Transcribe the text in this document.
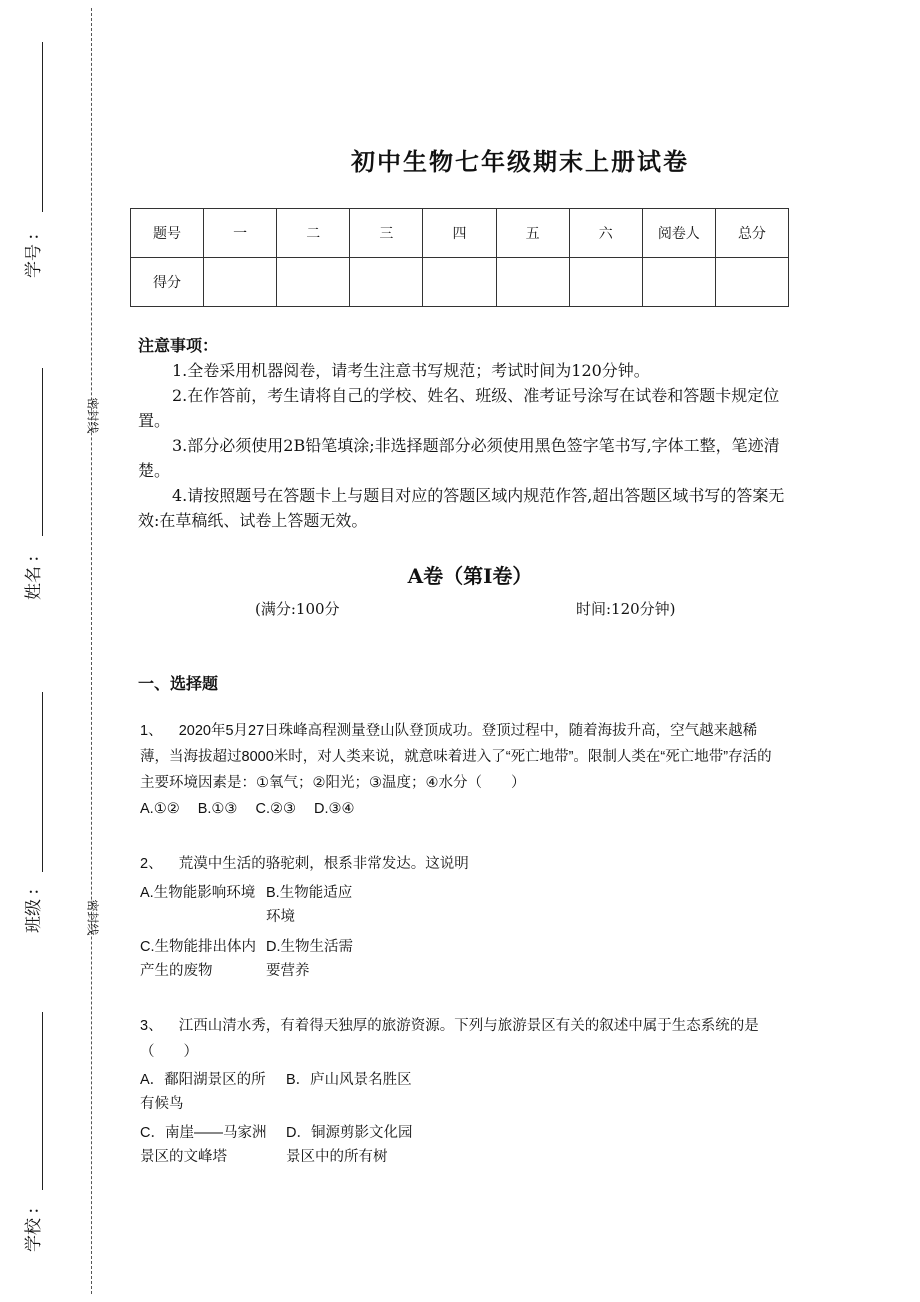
：
学号
：
姓名
：
班级
：
学校
密封线
密封线
初中生物七年级期末上册试卷
题号	一	二	三	四	五	六	阅卷人	总分
得分								
注意事项：

1.全卷采用机器阅卷，请考生注意书写规范；考试时间为120分钟。

2.在作答前，考生请将自己的学校、姓名、班级、准考证号涂写在试卷和答题卡规定位置。

3.部分必须使用2B铅笔填涂;非选择题部分必须使用黑色签字笔书写,字体工整，笔迹清楚。

4.请按照题号在答题卡上与题目对应的答题区域内规范作答,超出答题区域书写的答案无效:在草稿纸、试卷上答题无效。

A卷（第I卷）
(满分:100分	时间:120分钟)
一、选择题
1、 2020年5月27日珠峰高程测量登山队登顶成功。登顶过程中，随着海拔升高，空气越来越稀薄，当海拔超过8000米时，对人类来说，就意味着进入了“死亡地带”。限制人类在“死亡地带”存活的主要环境因素是：①氧气；②阳光；③温度；④水分（　　）
A.①② B.①③ C.②③ D.③④
2、 荒漠中生活的骆驼刺，根系非常发达。这说明
A.生物能影响环境 B.生物能适应环境
C.生物能排出体内产生的废物
D.生物生活需要营养
3、 江西山清水秀，有着得天独厚的旅游资源。下列与旅游景区有关的叙述中属于生态系统的是（　　）
A．鄱阳湖景区的所有候鸟
B．庐山风景名胜区
C．南崖——马家洲景区的文峰塔
D．铜源剪影文化园景区中的所有树
